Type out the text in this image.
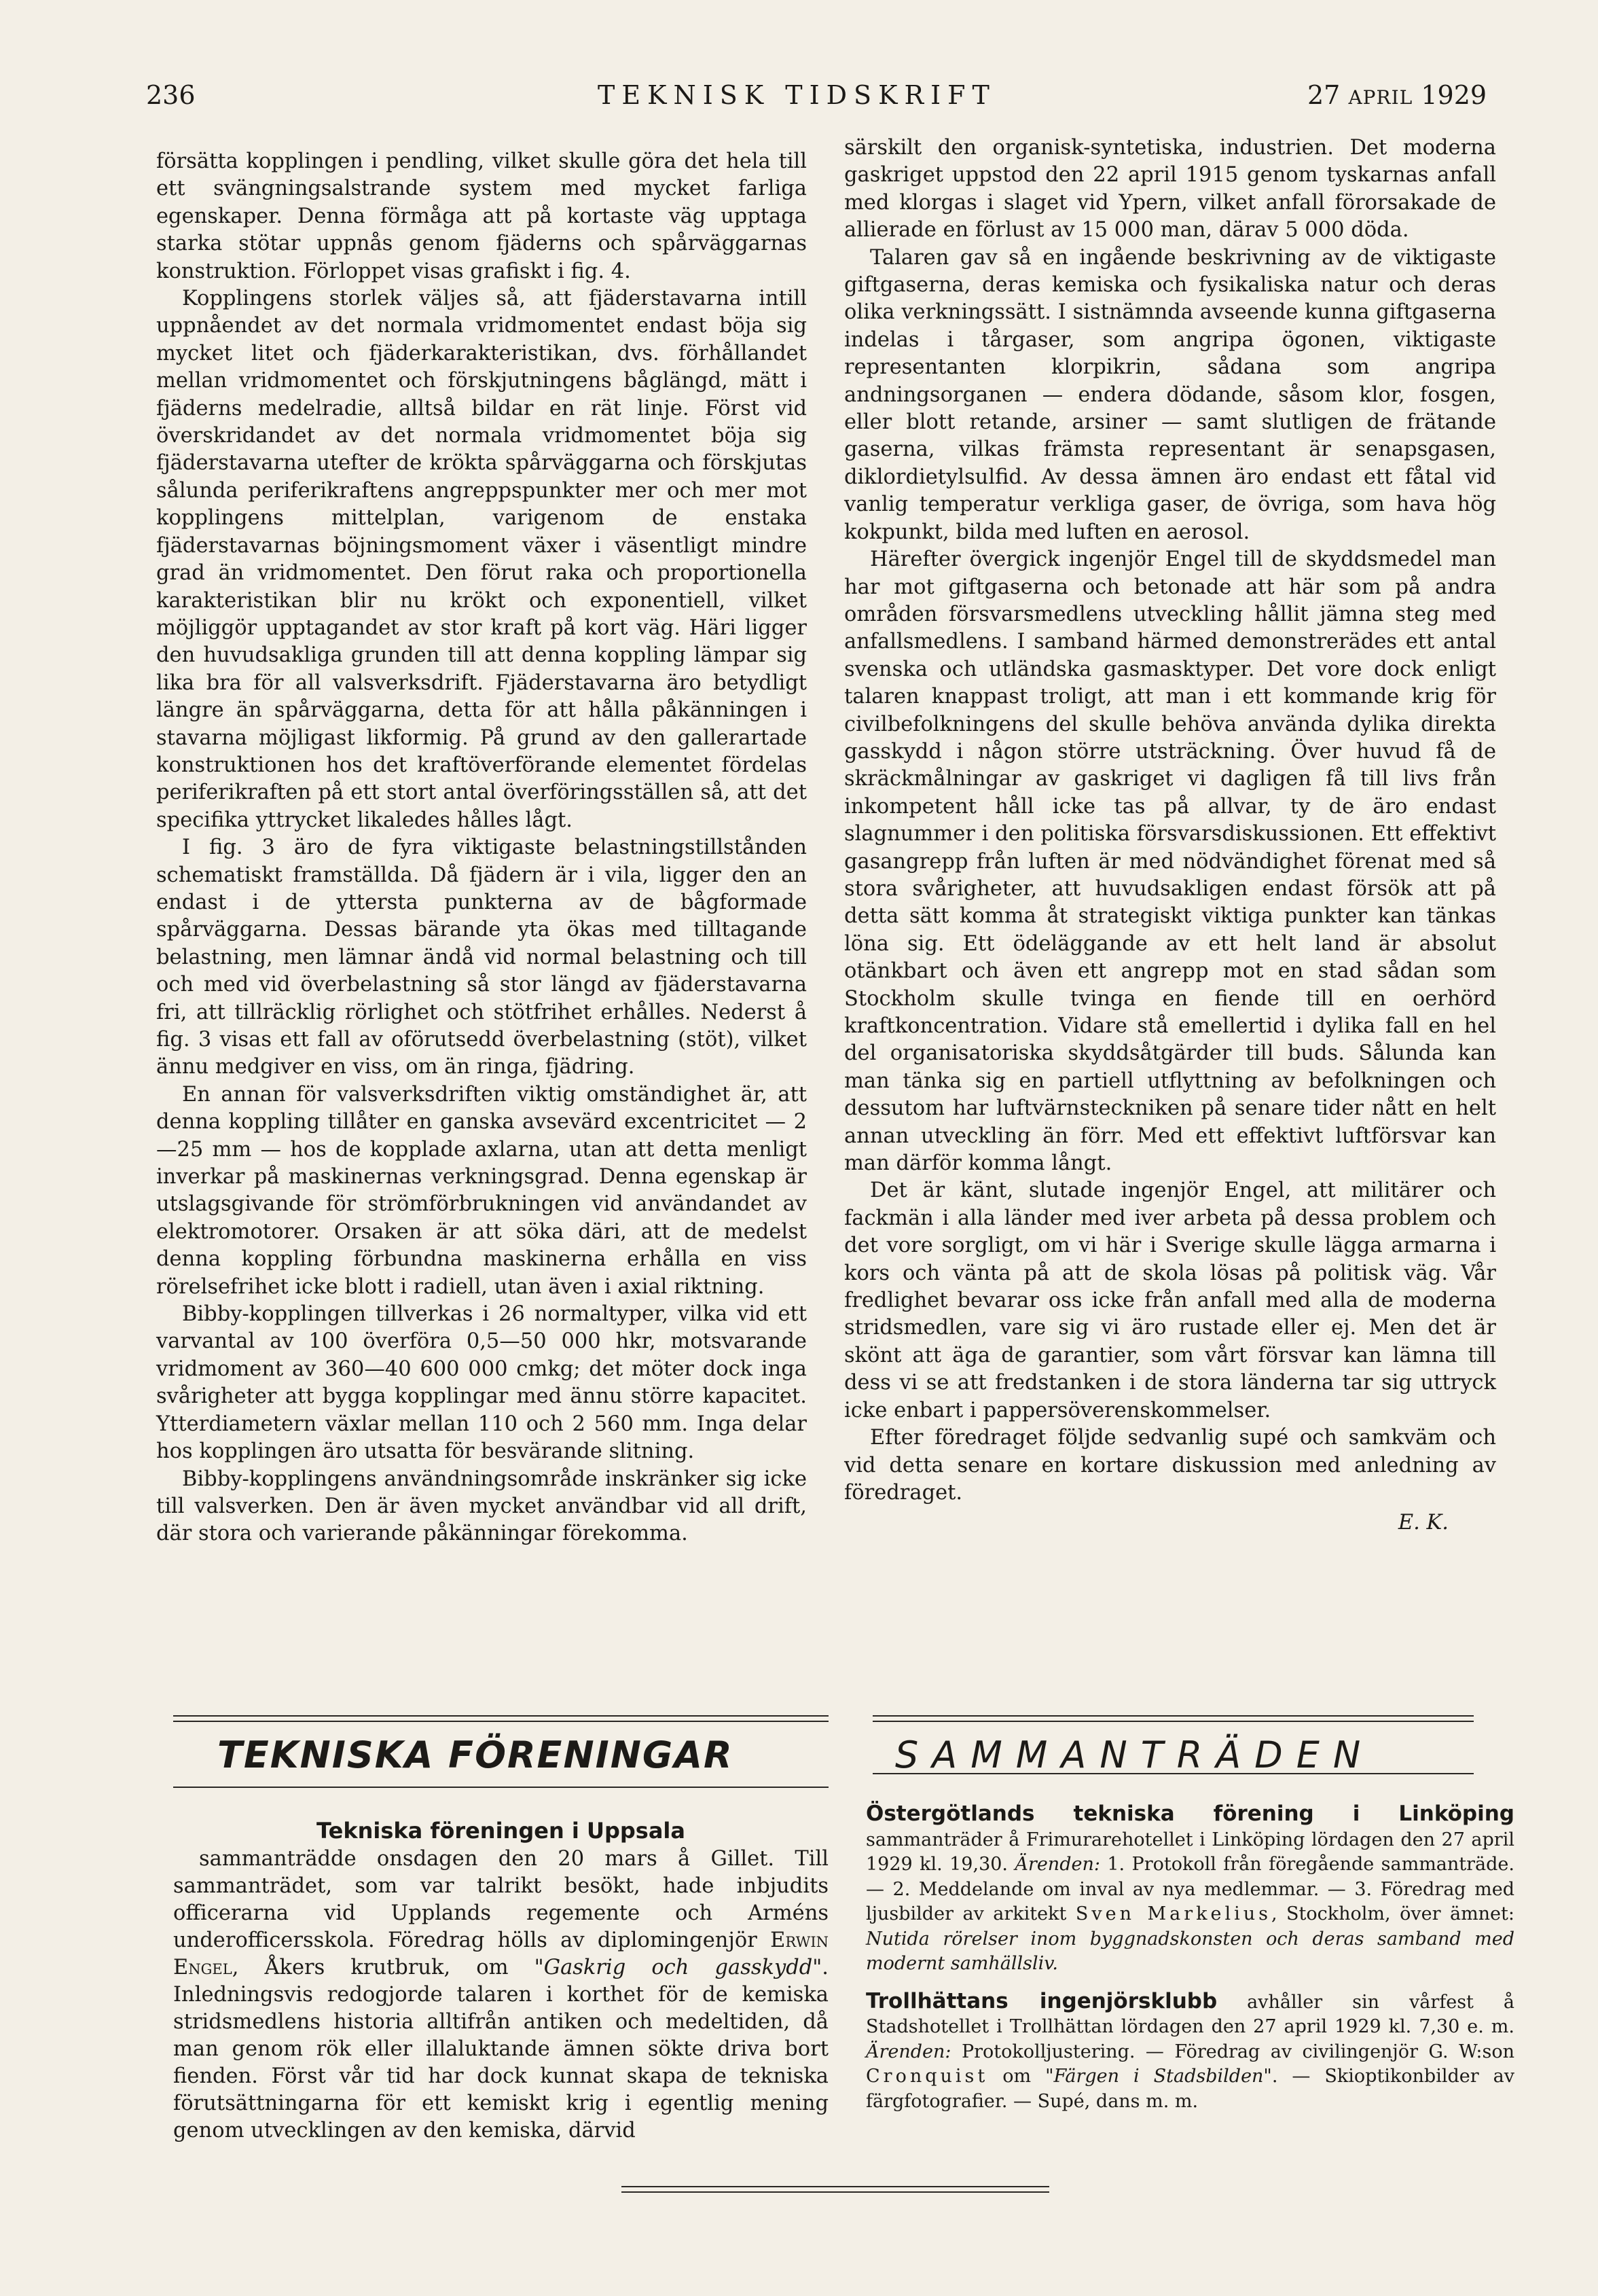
236	TEKNISK TIDSKRIFT	27 APRIL 1929

försätta kopplingen i pendling, vilket skulle göra det hela till ett svängningsalstrande system med mycket farliga egenskaper. Denna förmåga att på kortaste väg upptaga starka stötar uppnås genom fjäderns och spårväggarnas konstruktion. Förloppet visas grafiskt i fig. 4.

Kopplingens storlek väljes så, att fjäderstavarna intill uppnåendet av det normala vridmomentet endast böja sig mycket litet och fjäderkarakteristikan, dvs. förhållandet mellan vridmomentet och förskjutningens båglängd, mätt i fjäderns medelradie, alltså bildar en rät linje. Först vid överskridandet av det normala vridmomentet böja sig fjäderstavarna utefter de krökta spårväggarna och förskjutas sålunda periferikraftens angreppspunkter mer och mer mot kopplingens mittelplan, varigenom de enstaka fjäderstavarnas böjningsmoment växer i väsentligt mindre grad än vridmomentet. Den förut raka och proportionella karakteristikan blir nu krökt och exponentiell, vilket möjliggör upptagandet av stor kraft på kort väg. Häri ligger den huvudsakliga grunden till att denna koppling lämpar sig lika bra för all valsverksdrift. Fjäderstavarna äro betydligt längre än spårväggarna, detta för att hålla påkänningen i stavarna möjligast likformig. På grund av den gallerartade konstruktionen hos det kraftöverförande elementet fördelas periferikraften på ett stort antal överföringsställen så, att det specifika yttrycket likaledes hålles lågt.

I fig. 3 äro de fyra viktigaste belastningstillstånden schematiskt framställda. Då fjädern är i vila, ligger den an endast i de yttersta punkterna av de bågformade spårväggarna. Dessas bärande yta ökas med tilltagande belastning, men lämnar ändå vid normal belastning och till och med vid överbelastning så stor längd av fjäderstavarna fri, att tillräcklig rörlighet och stötfrihet erhålles. Nederst å fig. 3 visas ett fall av oförutsedd överbelastning (stöt), vilket ännu medgiver en viss, om än ringa, fjädring.

En annan för valsverksdriften viktig omständighet är, att denna koppling tillåter en ganska avsevärd excentricitet — 2—25 mm — hos de kopplade axlarna, utan att detta menligt inverkar på maskinernas verkningsgrad. Denna egenskap är utslagsgivande för strömförbrukningen vid användandet av elektromotorer. Orsaken är att söka däri, att de medelst denna koppling förbundna maskinerna erhålla en viss rörelsefrihet icke blott i radiell, utan även i axial riktning.

Bibby-kopplingen tillverkas i 26 normaltyper, vilka vid ett varvantal av 100 överföra 0,5—50 000 hkr, motsvarande vridmoment av 360—40 600 000 cmkg; det möter dock inga svårigheter att bygga kopplingar med ännu större kapacitet. Ytterdiametern växlar mellan 110 och 2 560 mm. Inga delar hos kopplingen äro utsatta för besvärande slitning.

Bibby-kopplingens användningsområde inskränker sig icke till valsverken. Den är även mycket användbar vid all drift, där stora och varierande påkänningar förekomma.

särskilt den organisk-syntetiska, industrien. Det moderna gaskriget uppstod den 22 april 1915 genom tyskarnas anfall med klorgas i slaget vid Ypern, vilket anfall förorsakade de allierade en förlust av 15 000 man, därav 5 000 döda.

Talaren gav så en ingående beskrivning av de viktigaste giftgaserna, deras kemiska och fysikaliska natur och deras olika verkningssätt. I sistnämnda avseende kunna giftgaserna indelas i tårgaser, som angripa ögonen, viktigaste representanten klorpikrin, sådana som angripa andningsorganen — endera dödande, såsom klor, fosgen, eller blott retande, arsiner — samt slutligen de frätande gaserna, vilkas främsta representant är senapsgasen, diklordietylsulfid. Av dessa ämnen äro endast ett fåtal vid vanlig temperatur verkliga gaser, de övriga, som hava hög kokpunkt, bilda med luften en aerosol.

Härefter övergick ingenjör Engel till de skyddsmedel man har mot giftgaserna och betonade att här som på andra områden försvarsmedlens utveckling hållit jämna steg med anfallsmedlens. I samband härmed demonstrerädes ett antal svenska och utländska gasmasktyper. Det vore dock enligt talaren knappast troligt, att man i ett kommande krig för civilbefolkningens del skulle behöva använda dylika direkta gasskydd i någon större utsträckning. Över huvud få de skräckmålningar av gaskriget vi dagligen få till livs från inkompetent håll icke tas på allvar, ty de äro endast slagnummer i den politiska försvarsdiskussionen. Ett effektivt gasangrepp från luften är med nödvändighet förenat med så stora svårigheter, att huvudsakligen endast försök att på detta sätt komma åt strategiskt viktiga punkter kan tänkas löna sig. Ett ödeläggande av ett helt land är absolut otänkbart och även ett angrepp mot en stad sådan som Stockholm skulle tvinga en fiende till en oerhörd kraftkoncentration. Vidare stå emellertid i dylika fall en hel del organisatoriska skyddsåtgärder till buds. Sålunda kan man tänka sig en partiell utflyttning av befolkningen och dessutom har luftvärnsteckniken på senare tider nått en helt annan utveckling än förr. Med ett effektivt luftförsvar kan man därför komma långt.

Det är känt, slutade ingenjör Engel, att militärer och fackmän i alla länder med iver arbeta på dessa problem och det vore sorgligt, om vi här i Sverige skulle lägga armarna i kors och vänta på att de skola lösas på politisk väg. Vår fredlighet bevarar oss icke från anfall med alla de moderna stridsmedlen, vare sig vi äro rustade eller ej. Men det är skönt att äga de garantier, som vårt försvar kan lämna till dess vi se att fredstanken i de stora länderna tar sig uttryck icke enbart i pappersöverenskommelser.

Efter föredraget följde sedvanlig supé och samkväm och vid detta senare en kortare diskussion med anledning av föredraget.

E. K.
TEKNISKA FÖRENINGAR	SAMMANTRÄDEN
Tekniska föreningen i Uppsala

sammanträdde onsdagen den 20 mars å Gillet. Till sammanträdet, som var talrikt besökt, hade inbjudits officerarna vid Upplands regemente och Arméns underofficersskola. Föredrag hölls av diplomingenjör Erwin Engel, Åkers krutbruk, om "Gaskrig och gasskydd". Inledningsvis redogjorde talaren i korthet för de kemiska stridsmedlens historia alltifrån antiken och medeltiden, då man genom rök eller illaluktande ämnen sökte driva bort fienden. Först vår tid har dock kunnat skapa de tekniska förutsättningarna för ett kemiskt krig i egentlig mening genom utvecklingen av den kemiska, därvid

Östergötlands tekniska förening i Linköping sammanträder å Frimurarehotellet i Linköping lördagen den 27 april 1929 kl. 19,30. Ärenden: 1. Protokoll från föregående sammanträde. — 2. Meddelande om inval av nya medlemmar. — 3. Föredrag med ljusbilder av arkitekt Sven Markelius, Stockholm, över ämnet: Nutida rörelser inom byggnadskonsten och deras samband med modernt samhällsliv.

Trollhättans ingenjörsklubb avhåller sin vårfest å Stadshotellet i Trollhättan lördagen den 27 april 1929 kl. 7,30 e. m. Ärenden: Protokolljustering. — Föredrag av civilingenjör G. W:son Cronquist om "Färgen i Stadsbilden". — Skioptikonbilder av färgfotografier. — Supé, dans m. m.
